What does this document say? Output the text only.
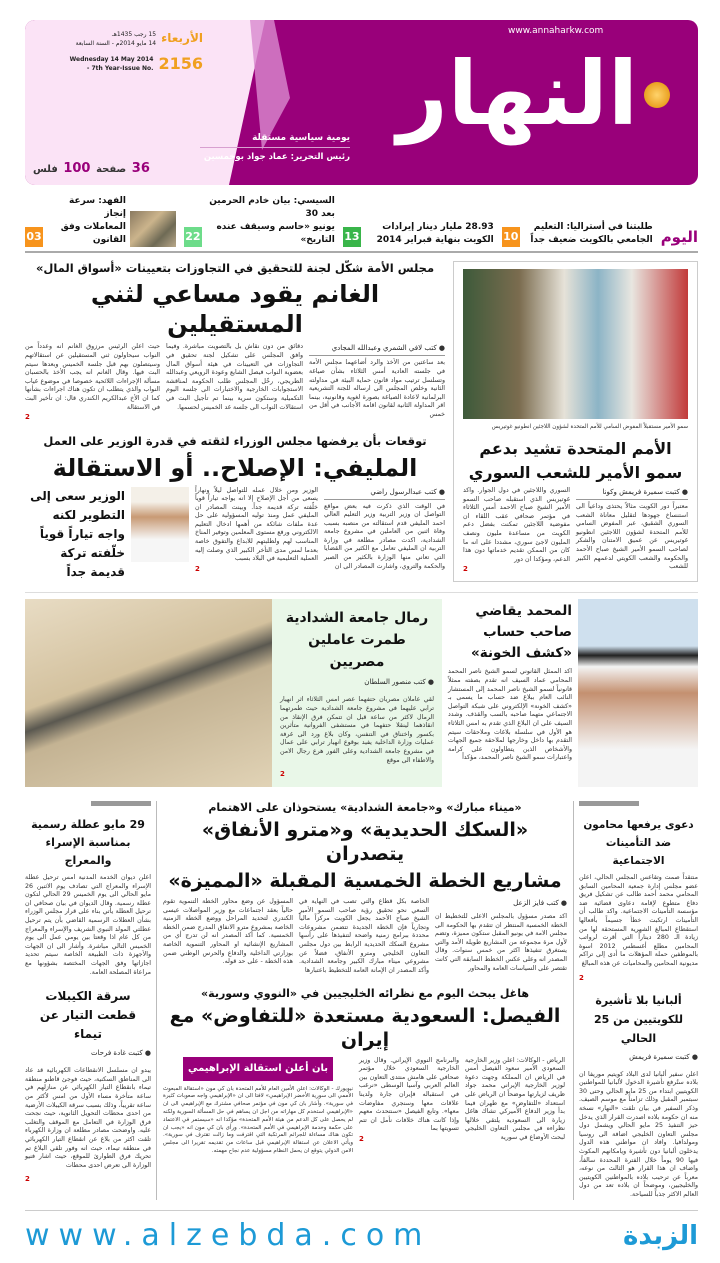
النهار
www.annaharkw.com
يومية سياسية مستقلة
رئيس التحرير: عماد جواد بوخمسين
15 رجب 1435هـ
14 مايو 2014م - السنة السابعة الأربعاء
Wednesday 14 May 2014
- 7th Year-Issue No. 2156
36 صفحة 100 فلس
03
الفهد: سرعة إنجاز
المعاملات وفق القانون	22
السيسي: بيان خادم الحرمين بعد 30
يونيو «حاسم وسيقف عنده التاريخ» 13
28.93 مليار دينار إيرادات
الكويت بنهاية فبراير 2014 10
طلبتنا في أستراليا: التعليم
الجامعي بالكويت ضعيف جداً اليوم
مجلس الأمة شكّل لجنة للتحقيق في التجاوزات بتعيينات «أسواق المال»
الغانم يقود مساعي لثني المستقيلين
حيث اعلن الرئيس مرزوق الغانم انه وعدداً من النواب سيحاولون ثني المستقيلين عن استقالاتهم وسيتصلون بهم قبل جلسة الخميس وبعدها سيتم البت فيها. وقال الغانم انه يجب الأخذ بالحسبان مسألة الإجراءات اللائحية خصوصا في موضوع غياب النواب والذي يتطلب ان تكون هناك اجراءات بشأنها كما ان الأخ عبدالكريم الكندري قال: ان تأخير البت في الاستقالة
2
دقائق من دون نقاش بل بالتصويت مباشرة. وفيما وافق المجلس على تشكيل لجنة تحقيق في التجاوزات في التعيينات في هيئة أسواق المال بعضوية النواب فيصل الشايع وعودة الرويعي وعبدالله الطريجي، رحّل المجلس طلب الحكومة لمناقشة الاستجوابات الخارجية والاختبارات الى جلسة اليوم التكميلية وستكون سرية بينما تم تأجيل البت في استقالات النواب الى جلسة غد الخميس لحسمها.
● كتب لافي الشمري وعبدالله المجادي
بعد ساعتين من الأخذ والرد أضاعهما مجلس الأمة في جلسته العادية أمس الثلاثاء بشأن صياغة وتسلسل ترتيب مواد قانون حماية البيئة في مداولته الثانية وخلص المجلس الى ارساله للجنة التشريعية البرلمانية لاعادة الصياغة بصورة لغوية وقانونية، بينما اقر المداولة الثانية لقانون اقامة الأجانب في أقل من خمس
توقعات بأن يرفضها مجلس الوزراء لثقته في قدرة الوزير على العمل
المليفي: الإصلاح.. أو الاستقالة
الوزير سعى إلى التطوير لكنه واجه تياراً قوياً خلّفته تركة قديمة جداً
الوزير ومن خلال عمله للتواصل ليلاً ونهاراً يسعى من أجل الإصلاح إلا انه يواجه تياراً قوياً خلّفته تركة قديمة جداً. وبينت المصادر ان المليفي عمل ومنذ توليه المسؤولية على حل عدة ملفات شائكة من أهمها ادخال التعليم الالكتروني ورفع مستوى المعلمين وتوفير المناخ المناسب لهم ولطلبتهم للابداع والتفوق خاصة بعدما لمس مدى التأخر الكبير الذي وصلت إليه العملية التعليمية في البلاد بسبب
2
● كتب عبدالرسول راضي
في الوقت الذي ذكرت فيه بعض مواقع التواصل ان وزير التربية وزير التعليم العالي احمد المليفي قدم استقالته من منصبه بسبب وفاة اثنين من العاملين في مشروع جامعة الشدادية، اكدت مصادر مطلعة في وزارة التربية ان المليفي تعامل مع الكثير من القضايا التي تعاني منها الوزارة بالكثير من الصبر والحكمة والتروي، واشارت المصادر الى ان
سمو الأمير مستقبلاً المفوض السامي للأمم المتحدة لشؤون اللاجئين انطونيو غوتيريس
الأمم المتحدة تشيد بدعم
سمو الأمير للشعب السوري
السوري واللاجئين في دول الجوار. واكد غوتيريس الذي استقبله صاحب السمو الأمير الشيخ صباح الاحمد أمس الثلاثاء في مؤتمر صحافي عقب اللقاء ان مفوضية اللاجئين تمكنت بفضل دعم الكويت من مساعدة مليون ونصف المليون لاجئ سوري، مشددا على انه ما كان من الممكن تقديم خدماتها دون هذا الدعم، ومؤكدا ان دور
2
● كتبت سميرة فريمش وكونا
معتبراً دور الكويت مثالاً يحتذى وداعياً الى استنساخ جهودها لتقليل معاناة الشعب السوري الشقيق، عبر المفوض السامي للأمم المتحدة لشؤون اللاجئين انطونيو غوتيريس عن عميق الامتنان والشكر لصاحب السمو الأمير الشيخ صباح الأحمد والحكومة والشعب الكويتي لدعمهم الكبير للشعب
رمال جامعة الشدادية طمرت عاملين مصريين
● كتب منصور السلطان
لقي عاملان مصريان حتفهما عصر امس الثلاثاء اثر انهيار ترابي عليهما في مشروع جامعة الشدادية حيث طمرتهما الرمال لاكثر من ساعة قبل ان تتمكن فرق الإنقاذ من انقاذهما لينقلا حتفهما في مستشفى الفروانية متأثرين بكسور واختناق في التنفس، وكان بلاغ ورد الى غرفة عمليات وزارة الداخلية يفيد بوقوع انهيار ترابي على عمال في مشروع جامعة الشدادية وعلى الفور هرع رجال الامن والاطفاء الى موقع
2
المحمد يقاضي صاحب حساب «كشف الخونة»
اكد الممثل القانوني لسمو الشيخ ناصر المحمد المحامي عماد السيف انه تقدم بصفته ممثلاً قانونياً لسمو الشيخ ناصر المحمد إلى المستشار النائب العام ببلاغ ضد حساب ما يسمى بـ «كشف الخونة» الإلكتروني على شبكة التواصل الاجتماعي متهما صاحبه بالسب والقذف. وشدد السيف على ان البلاغ الذي تقدم به امس الثلاثاء هو الأول في سلسلة بلاغات وملاحقات سيتم التقدم بها داخل وخارجها لملاحقة جميع الجهات والأشخاص الذين يتطاولون على كرامة واعتبارات سمو الشيخ ناصر المحمد، مؤكداً
29 مايو عطلة رسمية بمناسبة الإسراء والمعراج
اعلن ديوان الخدمة المدنية امس ترحيل عطلة الإسراء والمعراج التي تصادف يوم الاثنين 26 مايو الحالي الى يوم الخميس 29 الحالي لتكون عطلة رسمية. وقال الديوان في بيان صحافي ان ترحيل العطلة يأتي بناء على قرار مجلس الوزراء بشأن العطلات الرسمية القاضي بأن يتم ترحيل عطلتي المولد النبوي الشريف والإسراء والمعراج من كل عام اذا وقعتا بين يومي عمل الى يوم الخميس التالي مباشرة. وأشار الى ان الجهات والأجهزة ذات الطبيعة الخاصة سيتم تحديد اجازاتها وفق الجهات المختصة بشؤونها مع مراعاة المصلحة العامة.
سرقة الكيبلات قطعت التيار عن تيماء
● كتبت غادة فرحات
يبدو ان مسلسل الانقطاعات الكهربائية قد عاد الى المناطق السكنية، حيث فوجئ قاطنو منطقة تيماء بانقطاع التيار الكهربائي عن منازلهم في ساعة متأخرة مساء الأول من امس لأكثر من ساعة تقريباً، وذلك بسبب سرقة الكيبلات الأرضية من احدى محطات التحويل الثانوية، حيث نجحت فرق الوزارة في التعامل مع الموقف والتغلب عليه. واوضحت مصادر مطلعة ان وزارة الكهرباء تلقت اكثر من بلاغ عن انقطاع التيار الكهربائي في منطقة تيماء، حيث انه وفور تلقي البلاغ تم تحريك فرق الطوارئ للموقع، حيث اشار فنيو الوزارة الى تعرض احدى محطات
2
«ميناء مبارك» و«جامعة الشدادية» يستحوذان على الاهتمام
«السكك الحديدية» و«مترو الأنفاق» يتصدران
مشاريع الخطة الخمسية المقبلة «المميزة»
المسؤول عن وضع محاور الخطة التنموية تقوم حالياً بعقد اجتماعات مع وزير المواصلات عيسى الكندري لتحديد المراحل ووضع الخطة الزمنية الخاصة بمشروع مترو الانفاق المدرج ضمن الخطة الخمسية. كما أكد المصدر انه لن تدرج أي من المشاريع الإنشائية او المحاور التنموية الخاصة بوزارتي الداخلية والدفاع والحرس الوطني ضمن هذه الخطة - على حد قوله.
الخاصة بكل قطاع والتي تصب في النهاية في السعي نحو تحقيق رؤية صاحب السمو الأمير الشيخ صباح الأحمد بجعل الكويت مركزاً مالياً وتجارياً فإن الخطة الجديدة تتضمن مشروعات محددة ببرامج زمنية واضحة لتنفيذها على رأسها مشروع السكك الحديدية الرابط بين دول مجلس التعاون الخليجي ومترو الأنفاق، فضلاً عن مشروعي ميناء مبارك الكبير وجامعة الشدادية. وأكد المصدر ان الإمانة العامة للتخطيط باعتبارها
● كتب فايز الزعل
اكد مصدر مسؤول بالمجلس الاعلى للتخطيط ان الخطة الخمسية المنتظر ان تتقدم بها الحكومة الى مجلس الامة في يونيو المقبل ستكون مميزة، وتضم لأول مرة مجموعة من المشاريع طويلة الأمد والتي يستغرق تنفيذها اكثر من خمس سنوات. وقال المصدر انه وعلى عكس الخطط السابقة التي كانت تقتصر على السياسات العامة والمحاور
هاغل يبحث اليوم مع نظرائه الخليجيين في «النووي وسورية»
الفيصل: السعودية مستعدة «للتفاوض» مع إيران
بان أعلن استقالة الإبراهيمي
نيويورك - الوكالات: اعلن الأمين العام للأمم المتحدة بان كي مون «استقالة المبعوث الأممي الى سورية الأخضر الإبراهيمي» لافتا الى ان «الإبراهيمي واجه صعوبات كثيرة في سورية». وأشار بان كي مون في مؤتمر صحافي مشترك مع الإبراهيمي الى ان «الإبراهيمي استخدم كل مهاراته من اجل ان يساهم في حل المسألة السورية ولكنه لم يحصل على كل الدعم من هيئة الأمم المتحدة» مؤكدا انه «سيستمر في الاعتماد على حكمة وخدمة الإبراهيمي في الأمم المتحدة». ورأى بان كي مون انه «يجب ان تكون هناك مساءلة للجرائم المرتكبة التي اقترفت وما زالت تقترف في سورية». ويأتي الاعلان عن استقالة الإبراهيمي قبل ساعات من تقديمه تقريرا الى مجلس الامن الدولي يتوقع ان يحمل النظام مسؤولية عدم نجاح مهمته.
والبرنامج النووي الإيراني. وقال وزير الخارجية السعودي خلال مؤتمر صحافي على هامش منتدى التعاون بين العالم العربي وآسيا الوسطى «نرغب في استقباله فإيران جارة ولدينا علاقات معها وسنجري مفاوضات معها». وتابع الفيصل «سنتحدث معهم وإذا كانت هناك خلافات نأمل ان تتم تسويتها بما
2
الرياض - الوكالات: اعلن وزير الخارجية السعودي الأمير سعود الفيصل أمس في الرياض ان المملكة وجهت دعوة لوزير الخارجية الإيراني محمد جواد ظريف لزيارتها موضحاً ان الرياض على استعداد «للتفاوض» مع طهران فيما بدأ وزير الدفاع الأميركي تشاك هاغل زيارة الى السعودية يلتقي خلالها نظراءه في مجلس التعاون الخليجي لبحث الأوضاع في سورية
دعوى يرفعها محامون ضد التأمينات الاجتماعية
منتقداً صمت وتقاعس المجلس الحالي، اعلن عضو مجلس إدارة جمعية المحامين السابق المحامي محمد أحمد طالب عن تشكيل فريق دفاع متطوع لإقامة دعاوى قضائية ضد مؤسسة التأمينات الاجتماعية. واكد طالب أن التأمينات ارتكبت خطأ جسيماً بأفعالها استقطاع المبالغ الشهرية المستحقة لها من زيادة الـ 280 ديناراً التي أقرت لرواتب المحامين مطلع أغسطس 2012 اسوة بالموظفين حملة المؤهلات ما أدى إلى تراكم مديونية المحامين والمحاميات عن هذه المبالغ
2
ألبانيا بلا تأشيرة للكويتيين من 25 الحالي
● كتبت سميرة فريمش
اعلن سفير ألبانيا لدى البلاد كويتيم موريفا ان بلاده ستُرفع تأشيرة الدخول لألبانيا للمواطنين الكويتيين ابتداء من 25 مايو الحالي وحتى 30 سبتمبر المقبل وذلك تزامناً مع موسم الصيف. وذكر السفير في بيان تلقت «النهار» نسخة منه ان حكومة بلاده اصدرت القرار الذي يدخل حيز التنفيذ 25 مايو الحالي ويشمل دول مجلس التعاون الخليجي اضافة الى روسيا ومولدافيا. وافاد ان مواطني هذه الدول يدخلون ألبانيا دون تأشيرة ويامكانهم المكوث فيها 90 يوماً خلال الفترة المحددة سالفاً، واضاف ان هذا القرار هو الثالث من نوعه، معرباً عن ترحيب بلاده بالمواطنين الكويتيين والخليجيين، وموضحاً ان بلاده تعد من دول العالم الاكثر جذباً للسياحة.
www.alzebda.com	الزبدة
